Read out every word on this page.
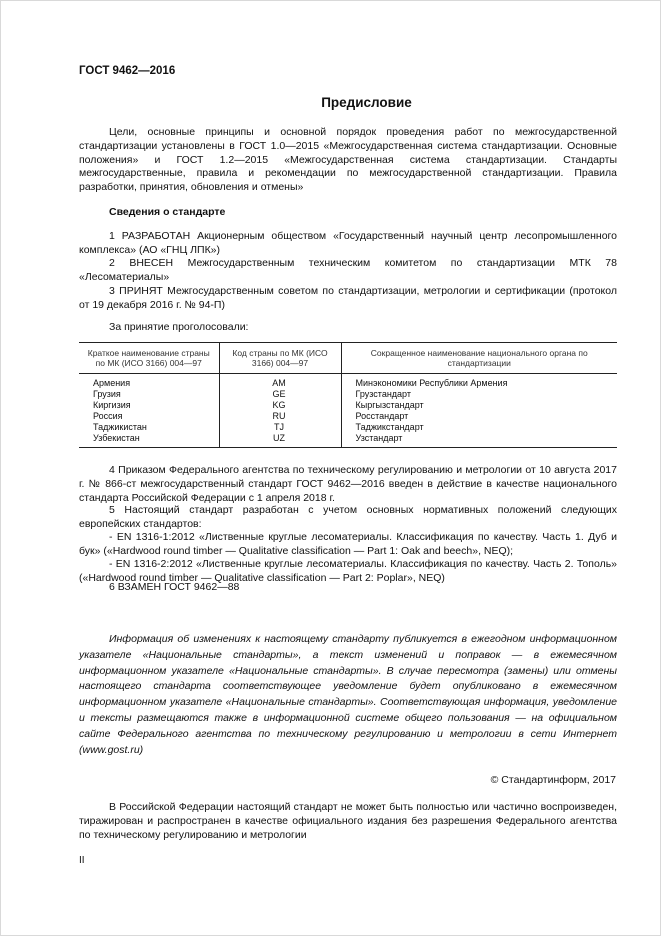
ГОСТ 9462—2016
Предисловие
Цели, основные принципы и основной порядок проведения работ по межгосударственной стандартизации установлены в ГОСТ 1.0—2015 «Межгосударственная система стандартизации. Основные положения» и ГОСТ 1.2—2015 «Межгосударственная система стандартизации. Стандарты межгосударственные, правила и рекомендации по межгосударственной стандартизации. Правила разработки, принятия, обновления и отмены»
Сведения о стандарте
1 РАЗРАБОТАН Акционерным обществом «Государственный научный центр лесопромышленного комплекса» (АО «ГНЦ ЛПК»)
2 ВНЕСЕН Межгосударственным техническим комитетом по стандартизации МТК 78 «Лесоматериалы»
3 ПРИНЯТ Межгосударственным советом по стандартизации, метрологии и сертификации (протокол от 19 декабря 2016 г. № 94-П)
За принятие проголосовали:
Краткое наименование страны по МК (ИСО 3166) 004—97	Код страны по МК (ИСО 3166) 004—97	Сокращенное наименование национального органа по стандартизации
Армения	AM	Минэкономики Республики Армения
Грузия	GE	Грузстандарт
Киргизия	KG	Кыргызстандарт
Россия	RU	Росстандарт
Таджикистан	TJ	Таджикстандарт
Узбекистан	UZ	Узстандарт
4 Приказом Федерального агентства по техническому регулированию и метрологии от 10 августа 2017 г. № 866-ст межгосударственный стандарт ГОСТ 9462—2016 введен в действие в качестве национального стандарта Российской Федерации с 1 апреля 2018 г.
5 Настоящий стандарт разработан с учетом основных нормативных положений следующих европейских стандартов:
- EN 1316-1:2012 «Лиственные круглые лесоматериалы. Классификация по качеству. Часть 1. Дуб и бук» («Hardwood round timber — Qualitative classification — Part 1: Oak and beech», NEQ);
- EN 1316-2:2012 «Лиственные круглые лесоматериалы. Классификация по качеству. Часть 2. Тополь» («Hardwood round timber — Qualitative classification — Part 2: Poplar», NEQ)
6 ВЗАМЕН ГОСТ 9462—88
Информация об изменениях к настоящему стандарту публикуется в ежегодном информационном указателе «Национальные стандарты», а текст изменений и поправок — в ежемесячном информационном указателе «Национальные стандарты». В случае пересмотра (замены) или отмены настоящего стандарта соответствующее уведомление будет опубликовано в ежемесячном информационном указателе «Национальные стандарты». Соответствующая информация, уведомление и тексты размещаются также в информационной системе общего пользования — на официальном сайте Федерального агентства по техническому регулированию и метрологии в сети Интернет (www.gost.ru)
© Стандартинформ, 2017
В Российской Федерации настоящий стандарт не может быть полностью или частично воспроизведен, тиражирован и распространен в качестве официального издания без разрешения Федерального агентства по техническому регулированию и метрологии
II
